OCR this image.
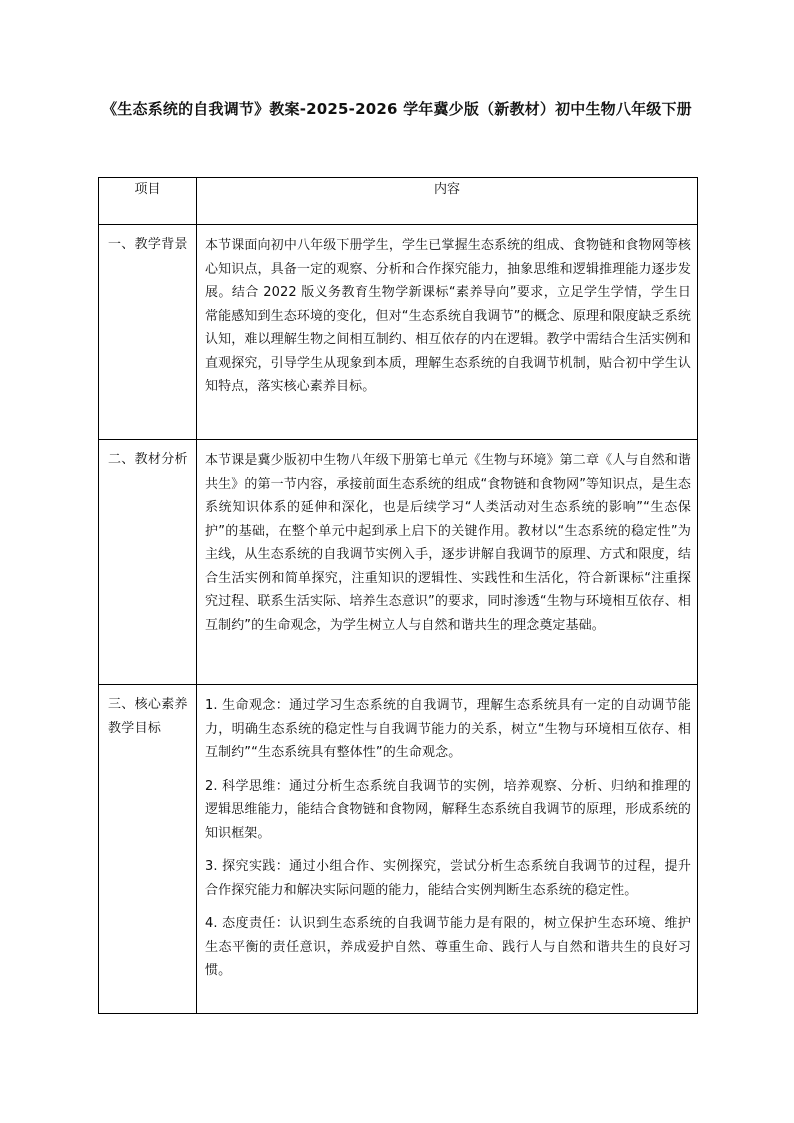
《生态系统的自我调节》教案-2025-2026 学年冀少版（新教材）初中生物八年级下册
项目	内容
一、教学背景	本节课面向初中八年级下册学生，学生已掌握生态系统的组成、食物链和食物网等核心知识点，具备一定的观察、分析和合作探究能力，抽象思维和逻辑推理能力逐步发展。结合 2022 版义务教育生物学新课标“素养导向”要求，立足学生学情，学生日常能感知到生态环境的变化，但对“生态系统自我调节”的概念、原理和限度缺乏系统认知，难以理解生物之间相互制约、相互依存的内在逻辑。教学中需结合生活实例和直观探究，引导学生从现象到本质，理解生态系统的自我调节机制，贴合初中学生认知特点，落实核心素养目标。
二、教材分析	本节课是冀少版初中生物八年级下册第七单元《生物与环境》第二章《人与自然和谐共生》的第一节内容，承接前面生态系统的组成“食物链和食物网”等知识点，是生态系统知识体系的延伸和深化，也是后续学习“人类活动对生态系统的影响”“生态保护”的基础，在整个单元中起到承上启下的关键作用。教材以“生态系统的稳定性”为主线，从生态系统的自我调节实例入手，逐步讲解自我调节的原理、方式和限度，结合生活实例和简单探究，注重知识的逻辑性、实践性和生活化，符合新课标“注重探究过程、联系生活实际、培养生态意识”的要求，同时渗透“生物与环境相互依存、相互制约”的生命观念，为学生树立人与自然和谐共生的理念奠定基础。
三、核心素养教学目标	1. 生命观念：通过学习生态系统的自我调节，理解生态系统具有一定的自动调节能力，明确生态系统的稳定性与自我调节能力的关系，树立“生物与环境相互依存、相互制约”“生态系统具有整体性”的生命观念。

2. 科学思维：通过分析生态系统自我调节的实例，培养观察、分析、归纳和推理的逻辑思维能力，能结合食物链和食物网，解释生态系统自我调节的原理，形成系统的知识框架。

3. 探究实践：通过小组合作、实例探究，尝试分析生态系统自我调节的过程，提升合作探究能力和解决实际问题的能力，能结合实例判断生态系统的稳定性。

4. 态度责任：认识到生态系统的自我调节能力是有限的，树立保护生态环境、维护生态平衡的责任意识，养成爱护自然、尊重生命、践行人与自然和谐共生的良好习惯。
